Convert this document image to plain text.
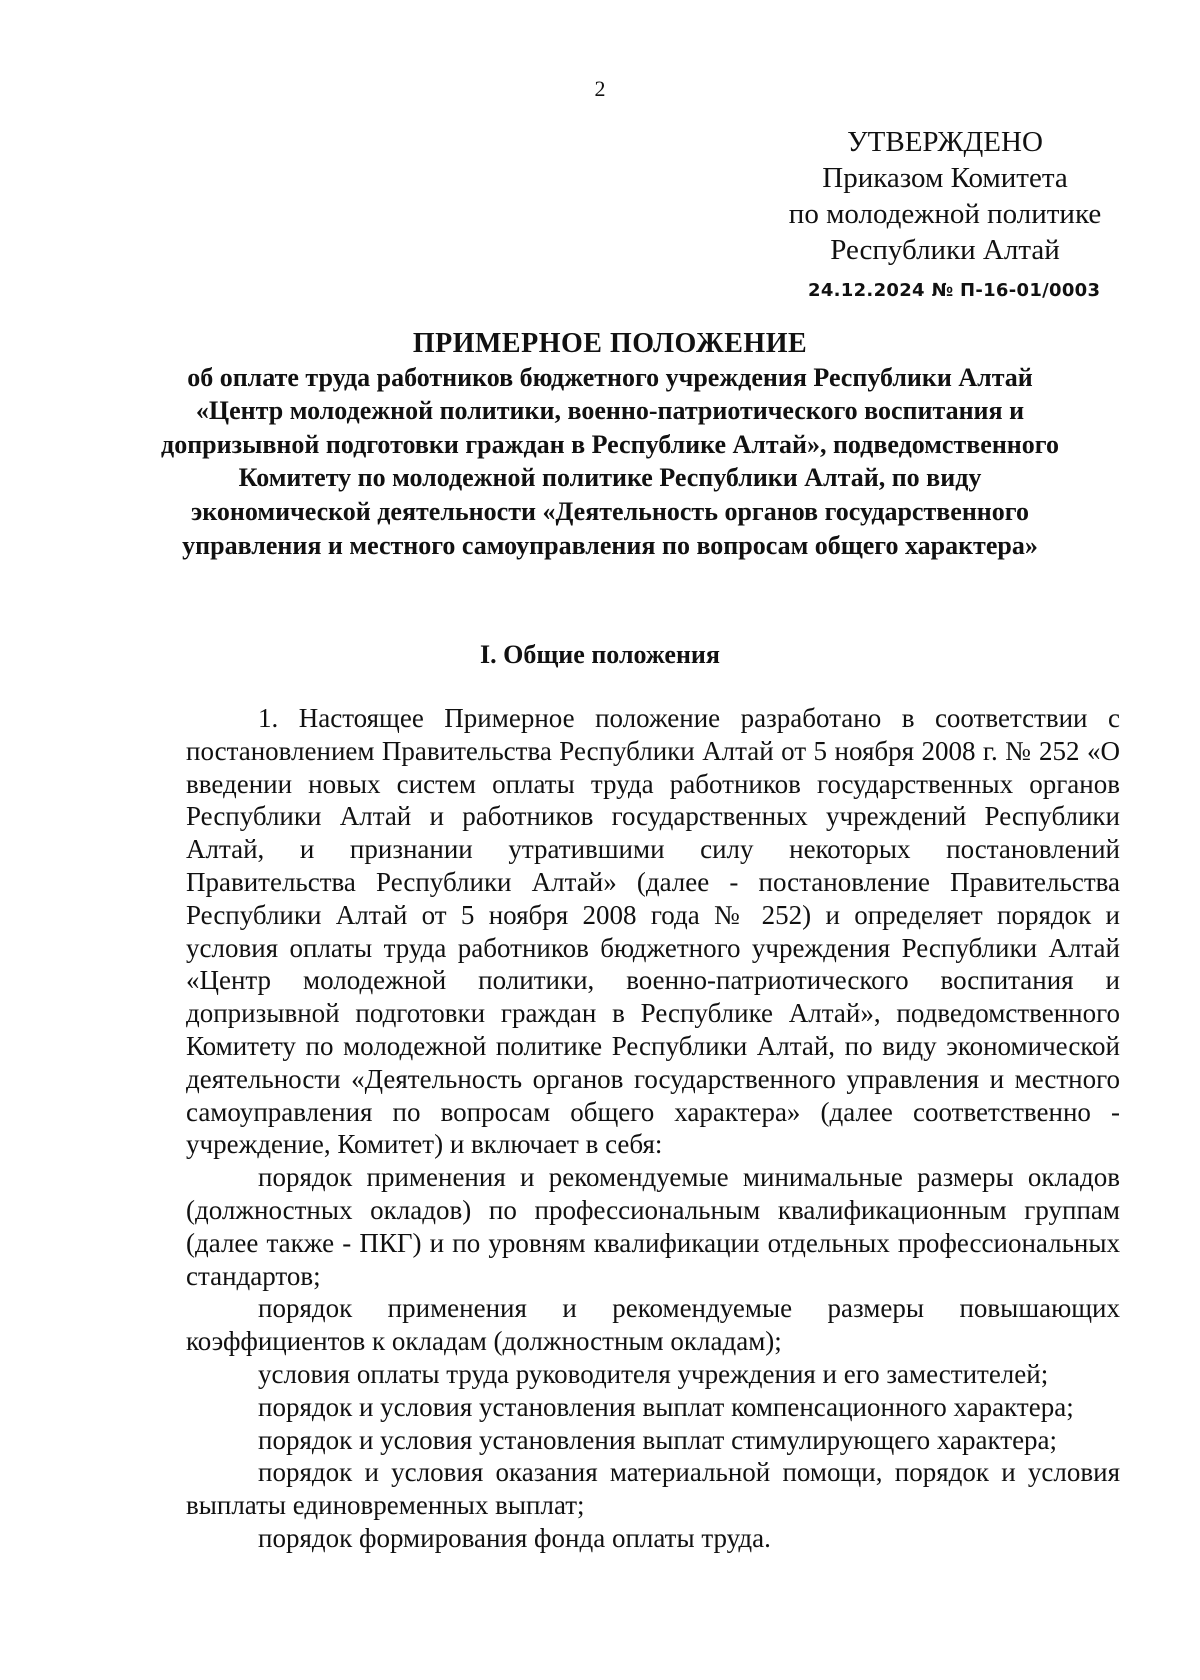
2
УТВЕРЖДЕНО
Приказом Комитета
по молодежной политике
Республики Алтай
24.12.2024 № П-16-01/0003
ПРИМЕРНОЕ ПОЛОЖЕНИЕ
об оплате труда работников бюджетного учреждения Республики Алтай «Центр молодежной политики, военно-патриотического воспитания и допризывной подготовки граждан в Республике Алтай», подведомственного Комитету по молодежной политике Республики Алтай, по виду экономической деятельности «Деятельность органов государственного управления и местного самоуправления по вопросам общего характера»
I. Общие положения

1. Настоящее Примерное положение разработано в соответствии с постановлением Правительства Республики Алтай от 5 ноября 2008 г. № 252 «О введении новых систем оплаты труда работников государственных органов Республики Алтай и работников государственных учреждений Республики Алтай, и признании утратившими силу некоторых постановлений Правительства Республики Алтай» (далее - постановление Правительства Республики Алтай от 5 ноября 2008 года № 252) и определяет порядок и условия оплаты труда работников бюджетного учреждения Республики Алтай «Центр молодежной политики, военно-патриотического воспитания и допризывной подготовки граждан в Республике Алтай», подведомственного Комитету по молодежной политике Республики Алтай, по виду экономической деятельности «Деятельность органов государственного управления и местного самоуправления по вопросам общего характера» (далее соответственно - учреждение, Комитет) и включает в себя:

порядок применения и рекомендуемые минимальные размеры окладов (должностных окладов) по профессиональным квалификационным группам (далее также - ПКГ) и по уровням квалификации отдельных профессиональных стандартов;

порядок применения и рекомендуемые размеры повышающих коэффициентов к окладам (должностным окладам);

условия оплаты труда руководителя учреждения и его заместителей;

порядок и условия установления выплат компенсационного характера;

порядок и условия установления выплат стимулирующего характера;

порядок и условия оказания материальной помощи, порядок и условия выплаты единовременных выплат;

порядок формирования фонда оплаты труда.
